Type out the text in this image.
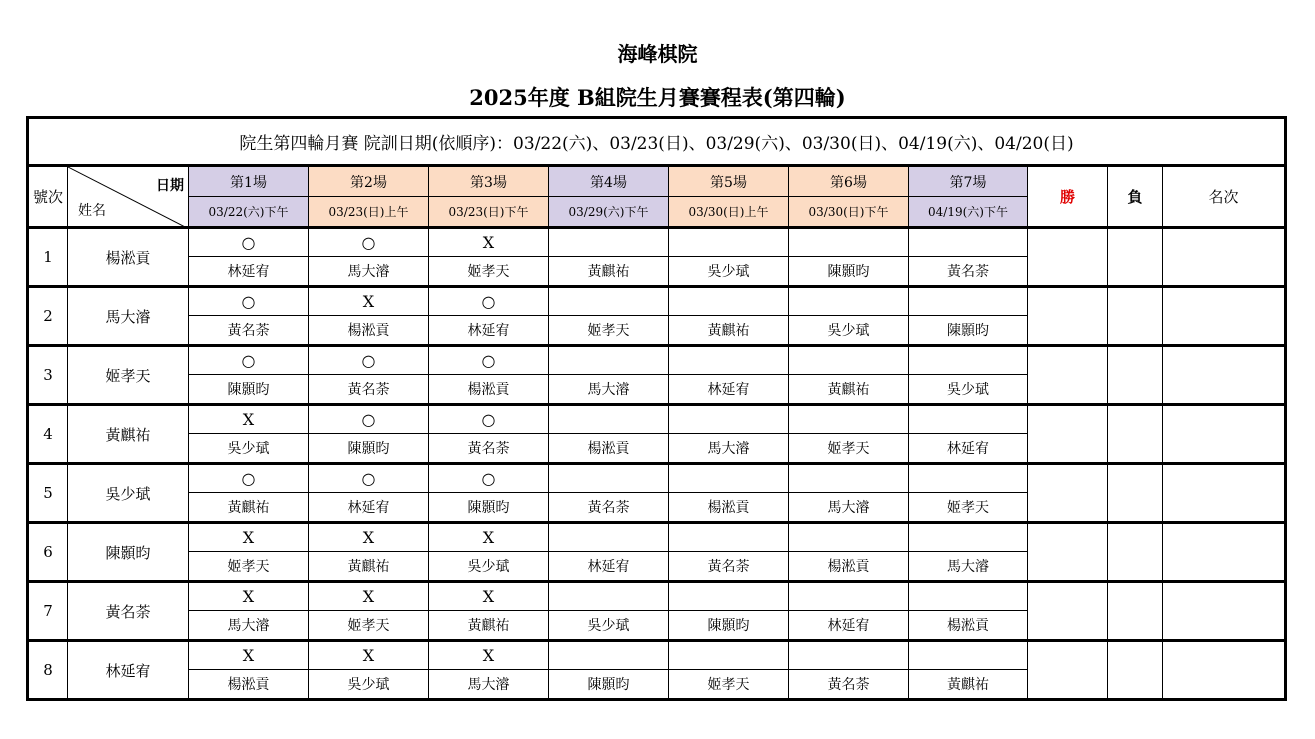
海峰棋院
2025年度 B組院生月賽賽程表(第四輪)
院生第四輪月賽 院訓日期(依順序)：03/22(六)、03/23(日)、03/29(六)、03/30(日)、04/19(六)、04/20(日)											
號次	日期
姓名	第1場	第2場	第3場	第4場	第5場	第6場	第7場	勝	負	名次
		03/22(六)下午	03/23(日)上午	03/23(日)下午	03/29(六)下午	03/30(日)上午	03/30(日)下午	04/19(六)下午			
1	楊淞貢	○	○	X							
		林延宥	馬大濬	姬孝天	黃麒祐	吳少珷	陳顥昀	黃名荼			
2	馬大濬	○	X	○							
		黃名荼	楊淞貢	林延宥	姬孝天	黃麒祐	吳少珷	陳顥昀			
3	姬孝天	○	○	○							
		陳顥昀	黃名荼	楊淞貢	馬大濬	林延宥	黃麒祐	吳少珷			
4	黃麒祐	X	○	○							
		吳少珷	陳顥昀	黃名荼	楊淞貢	馬大濬	姬孝天	林延宥			
5	吳少珷	○	○	○							
		黃麒祐	林延宥	陳顥昀	黃名荼	楊淞貢	馬大濬	姬孝天			
6	陳顥昀	X	X	X							
		姬孝天	黃麒祐	吳少珷	林延宥	黃名荼	楊淞貢	馬大濬			
7	黃名荼	X	X	X							
		馬大濬	姬孝天	黃麒祐	吳少珷	陳顥昀	林延宥	楊淞貢			
8	林延宥	X	X	X							
		楊淞貢	吳少珷	馬大濬	陳顥昀	姬孝天	黃名荼	黃麒祐			
